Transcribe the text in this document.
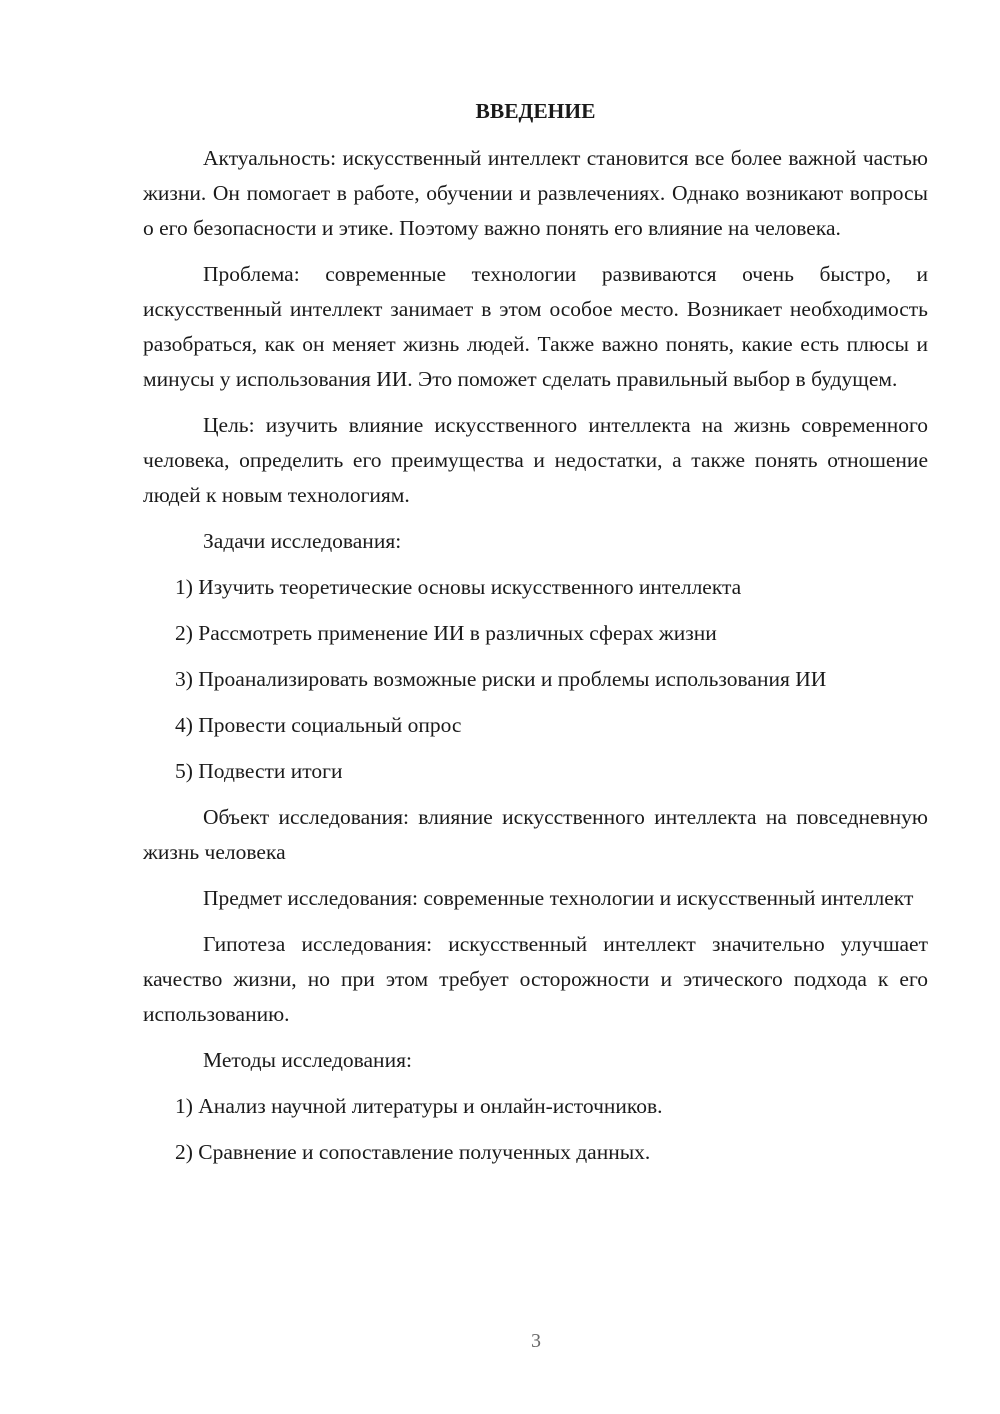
ВВЕДЕНИЕ

Актуальность: искусственный интеллект становится все более важной частью жизни. Он помогает в работе, обучении и развлечениях. Однако возникают вопросы о его безопасности и этике. Поэтому важно понять его влияние на человека.

Проблема: современные технологии развиваются очень быстро, и искусственный интеллект занимает в этом особое место. Возникает необходимость разобраться, как он меняет жизнь людей. Также важно понять, какие есть плюсы и минусы у использования ИИ. Это поможет сделать правильный выбор в будущем.

Цель: изучить влияние искусственного интеллекта на жизнь современного человека, определить его преимущества и недостатки, а также понять отношение людей к новым технологиям.

Задачи исследования:

1) Изучить теоретические основы искусственного интеллекта

2) Рассмотреть применение ИИ в различных сферах жизни

3) Проанализировать возможные риски и проблемы использования ИИ

4) Провести социальный опрос

5) Подвести итоги

Объект исследования: влияние искусственного интеллекта на повседневную жизнь человека

Предмет исследования: современные технологии и искусственный интеллект

Гипотеза исследования: искусственный интеллект значительно улучшает качество жизни, но при этом требует осторожности и этического подхода к его использованию.

Методы исследования:

1) Анализ научной литературы и онлайн-источников.

2) Сравнение и сопоставление полученных данных.

3
